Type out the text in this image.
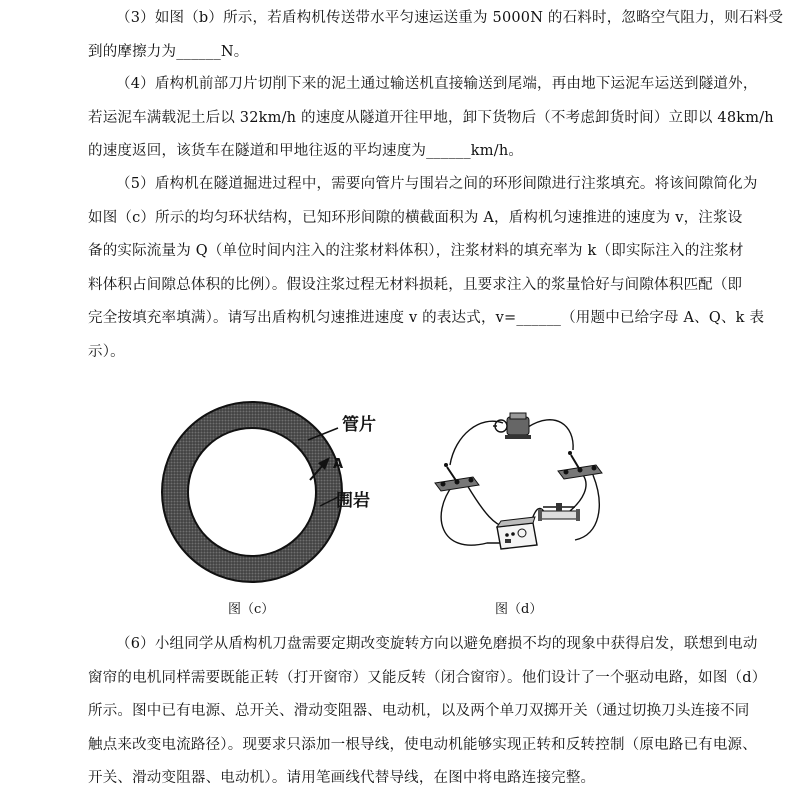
（3）如图（b）所示，若盾构机传送带水平匀速运送重为 5000N 的石料时，忽略空气阻力，则石料受
到的摩擦力为______N。
（4）盾构机前部刀片切削下来的泥土通过输送机直接输送到尾端，再由地下运泥车运送到隧道外，
若运泥车满载泥土后以 32km/h 的速度从隧道开往甲地，卸下货物后（不考虑卸货时间）立即以 48km/h
的速度返回，该货车在隧道和甲地往返的平均速度为______km/h。
（5）盾构机在隧道掘进过程中，需要向管片与围岩之间的环形间隙进行注浆填充。将该间隙简化为
如图（c）所示的均匀环状结构，已知环形间隙的横截面积为 A，盾构机匀速推进的速度为 v，注浆设
备的实际流量为 Q（单位时间内注入的注浆材料体积），注浆材料的填充率为 k（即实际注入的注浆材
料体积占间隙总体积的比例）。假设注浆过程无材料损耗，且要求注入的浆量恰好与间隙体积匹配（即
完全按填充率填满）。请写出盾构机匀速推进速度 v 的表达式，v=______（用题中已给字母 A、Q、k 表
示）。
管片
A
围岩
图（c）	图（d）
（6）小组同学从盾构机刀盘需要定期改变旋转方向以避免磨损不均的现象中获得启发，联想到电动
窗帘的电机同样需要既能正转（打开窗帘）又能反转（闭合窗帘）。他们设计了一个驱动电路，如图（d）
所示。图中已有电源、总开关、滑动变阻器、电动机，以及两个单刀双掷开关（通过切换刀头连接不同
触点来改变电流路径）。现要求只添加一根导线，使电动机能够实现正转和反转控制（原电路已有电源、
开关、滑动变阻器、电动机）。请用笔画线代替导线，在图中将电路连接完整。
